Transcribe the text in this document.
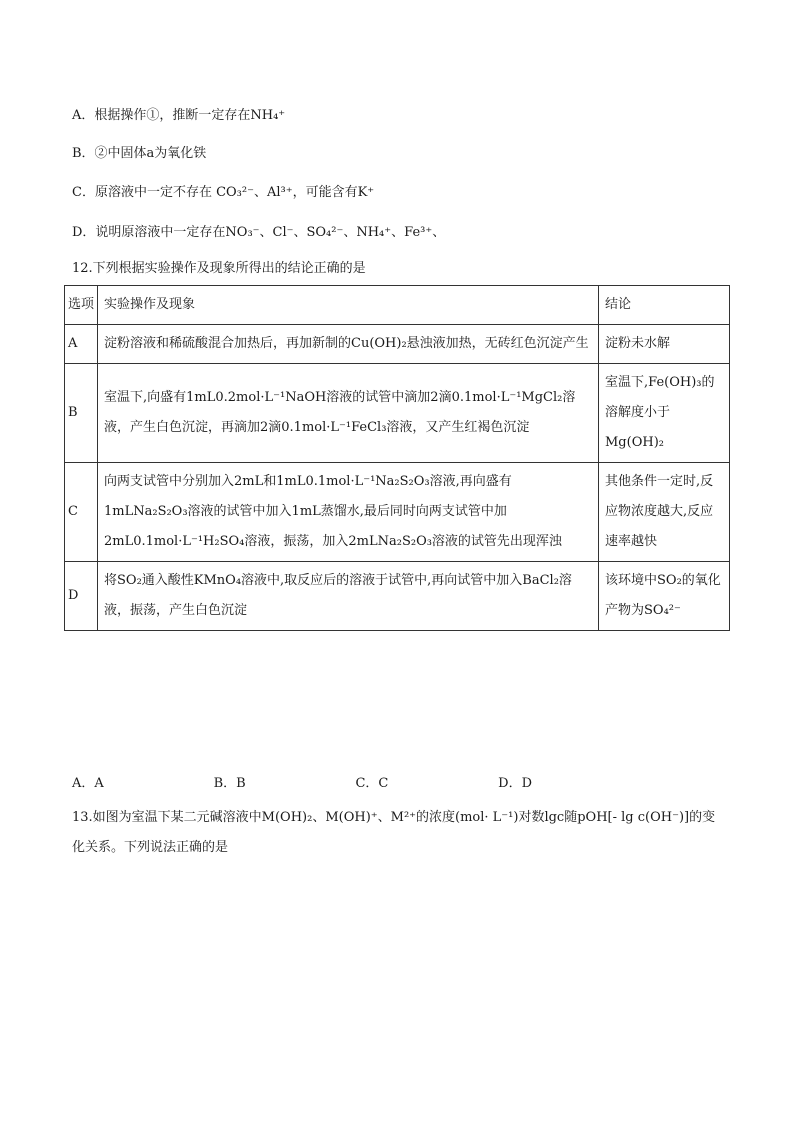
A．根据操作①，推断一定存在NH₄⁺
B．②中固体a为氧化铁
C．原溶液中一定不存在 CO₃²⁻、Al³⁺，可能含有K⁺
D．说明原溶液中一定存在NO₃⁻、Cl⁻、SO₄²⁻、NH₄⁺、Fe³⁺、
12.下列根据实验操作及现象所得出的结论正确的是
选项	实验操作及现象	结论
A	淀粉溶液和稀硫酸混合加热后，再加新制的Cu(OH)₂悬浊液加热，无砖红色沉淀产生	淀粉未水解
B	室温下,向盛有1mL0.2mol·L⁻¹NaOH溶液的试管中滴加2滴0.1mol·L⁻¹MgCl₂溶液，产生白色沉淀，再滴加2滴0.1mol·L⁻¹FeCl₃溶液，又产生红褐色沉淀	室温下,Fe(OH)₃的溶解度小于Mg(OH)₂
C	向两支试管中分别加入2mL和1mL0.1mol·L⁻¹Na₂S₂O₃溶液,再向盛有1mLNa₂S₂O₃溶液的试管中加入1mL蒸馏水,最后同时向两支试管中加2mL0.1mol·L⁻¹H₂SO₄溶液，振荡，加入2mLNa₂S₂O₃溶液的试管先出现浑浊	其他条件一定时,反应物浓度越大,反应速率越快
D	将SO₂通入酸性KMnO₄溶液中,取反应后的溶液于试管中,再向试管中加入BaCl₂溶液，振荡，产生白色沉淀	该环境中SO₂的氧化产物为SO₄²⁻
A．A	B．B	C．C	D．D
13.如图为室温下某二元碱溶液中M(OH)₂、M(OH)⁺、M²⁺的浓度(mol· L⁻¹)对数lgc随pOH[- lg c(OH⁻)]的变化关系。下列说法正确的是
